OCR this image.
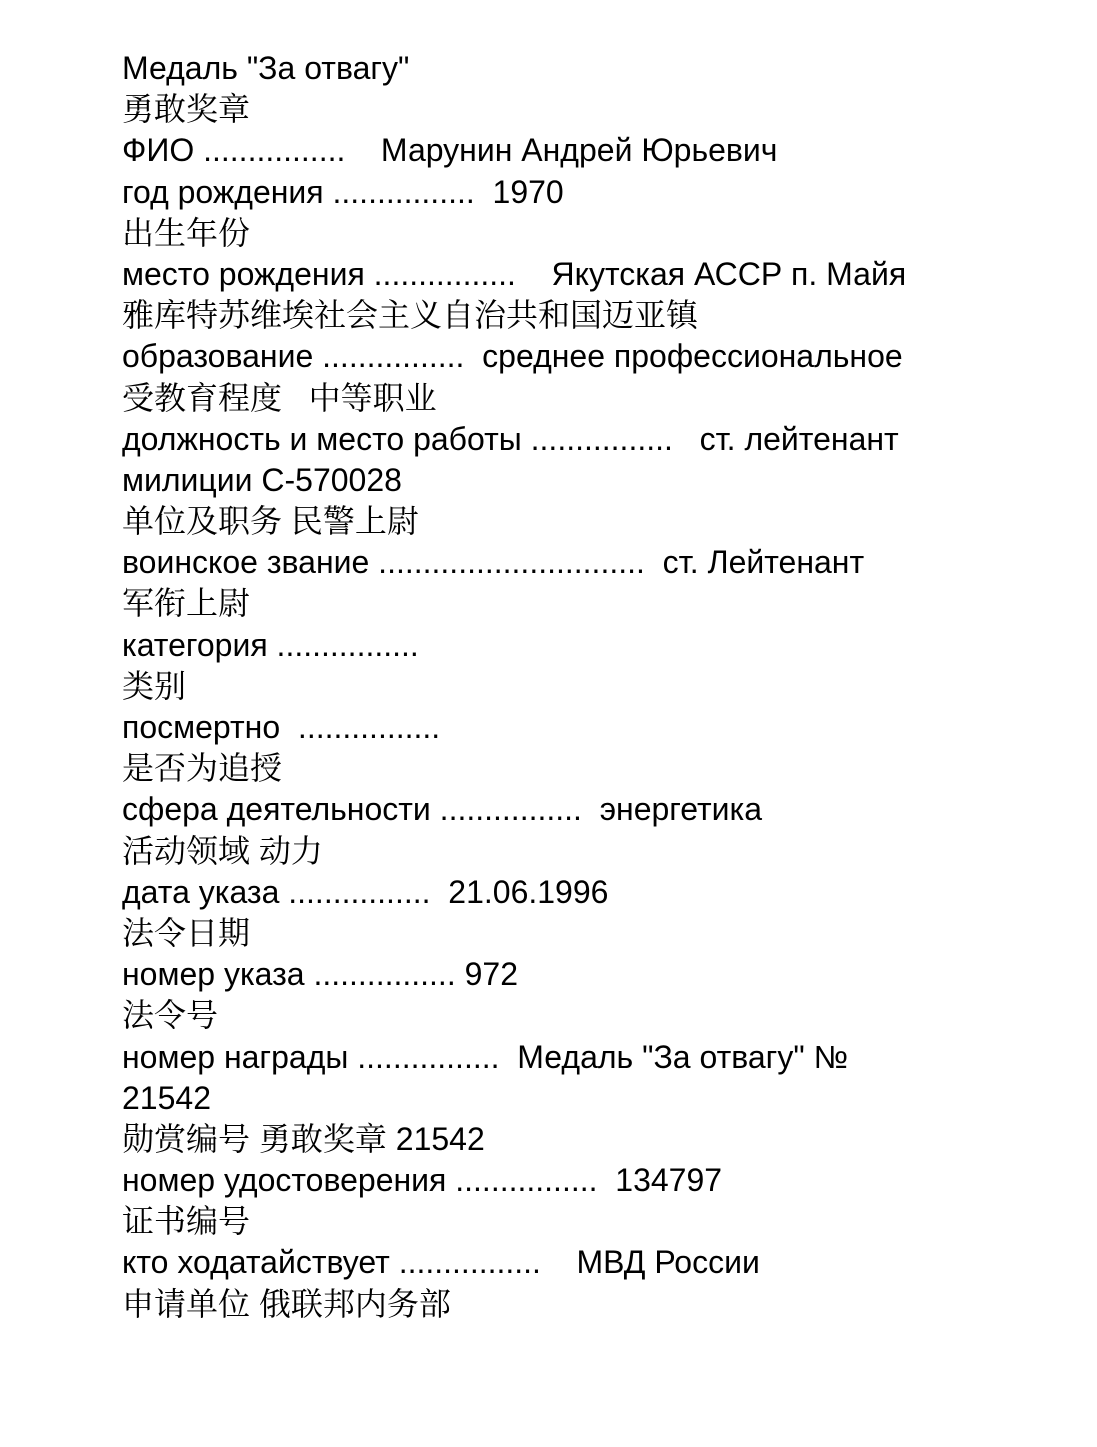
Медаль "За отвагу"
勇敢奖章
ФИО ................    Марунин Андрей Юрьевич
год рождения ................  1970
出生年份
место рождения ................    Якутская АССР п. Майя
雅库特苏维埃社会主义自治共和国迈亚镇
образование ................  среднее профессиональное
受教育程度   中等职业
должность и место работы ................   ст. лейтенант
милиции С-570028
单位及职务 民警上尉
воинское звание ..............................  ст. Лейтенант
军衔上尉
категория ................
类别
посмертно  ................
是否为追授
сфера деятельности ................  энергетика
活动领域 动力
дата указа ................  21.06.1996
法令日期
номер указа ................ 972
法令号
номер награды ................  Медаль "За отвагу" №
21542
勋赏编号 勇敢奖章 21542
номер удостоверения ................  134797
证书编号
кто ходатайствует ................    МВД России
申请单位 俄联邦内务部
